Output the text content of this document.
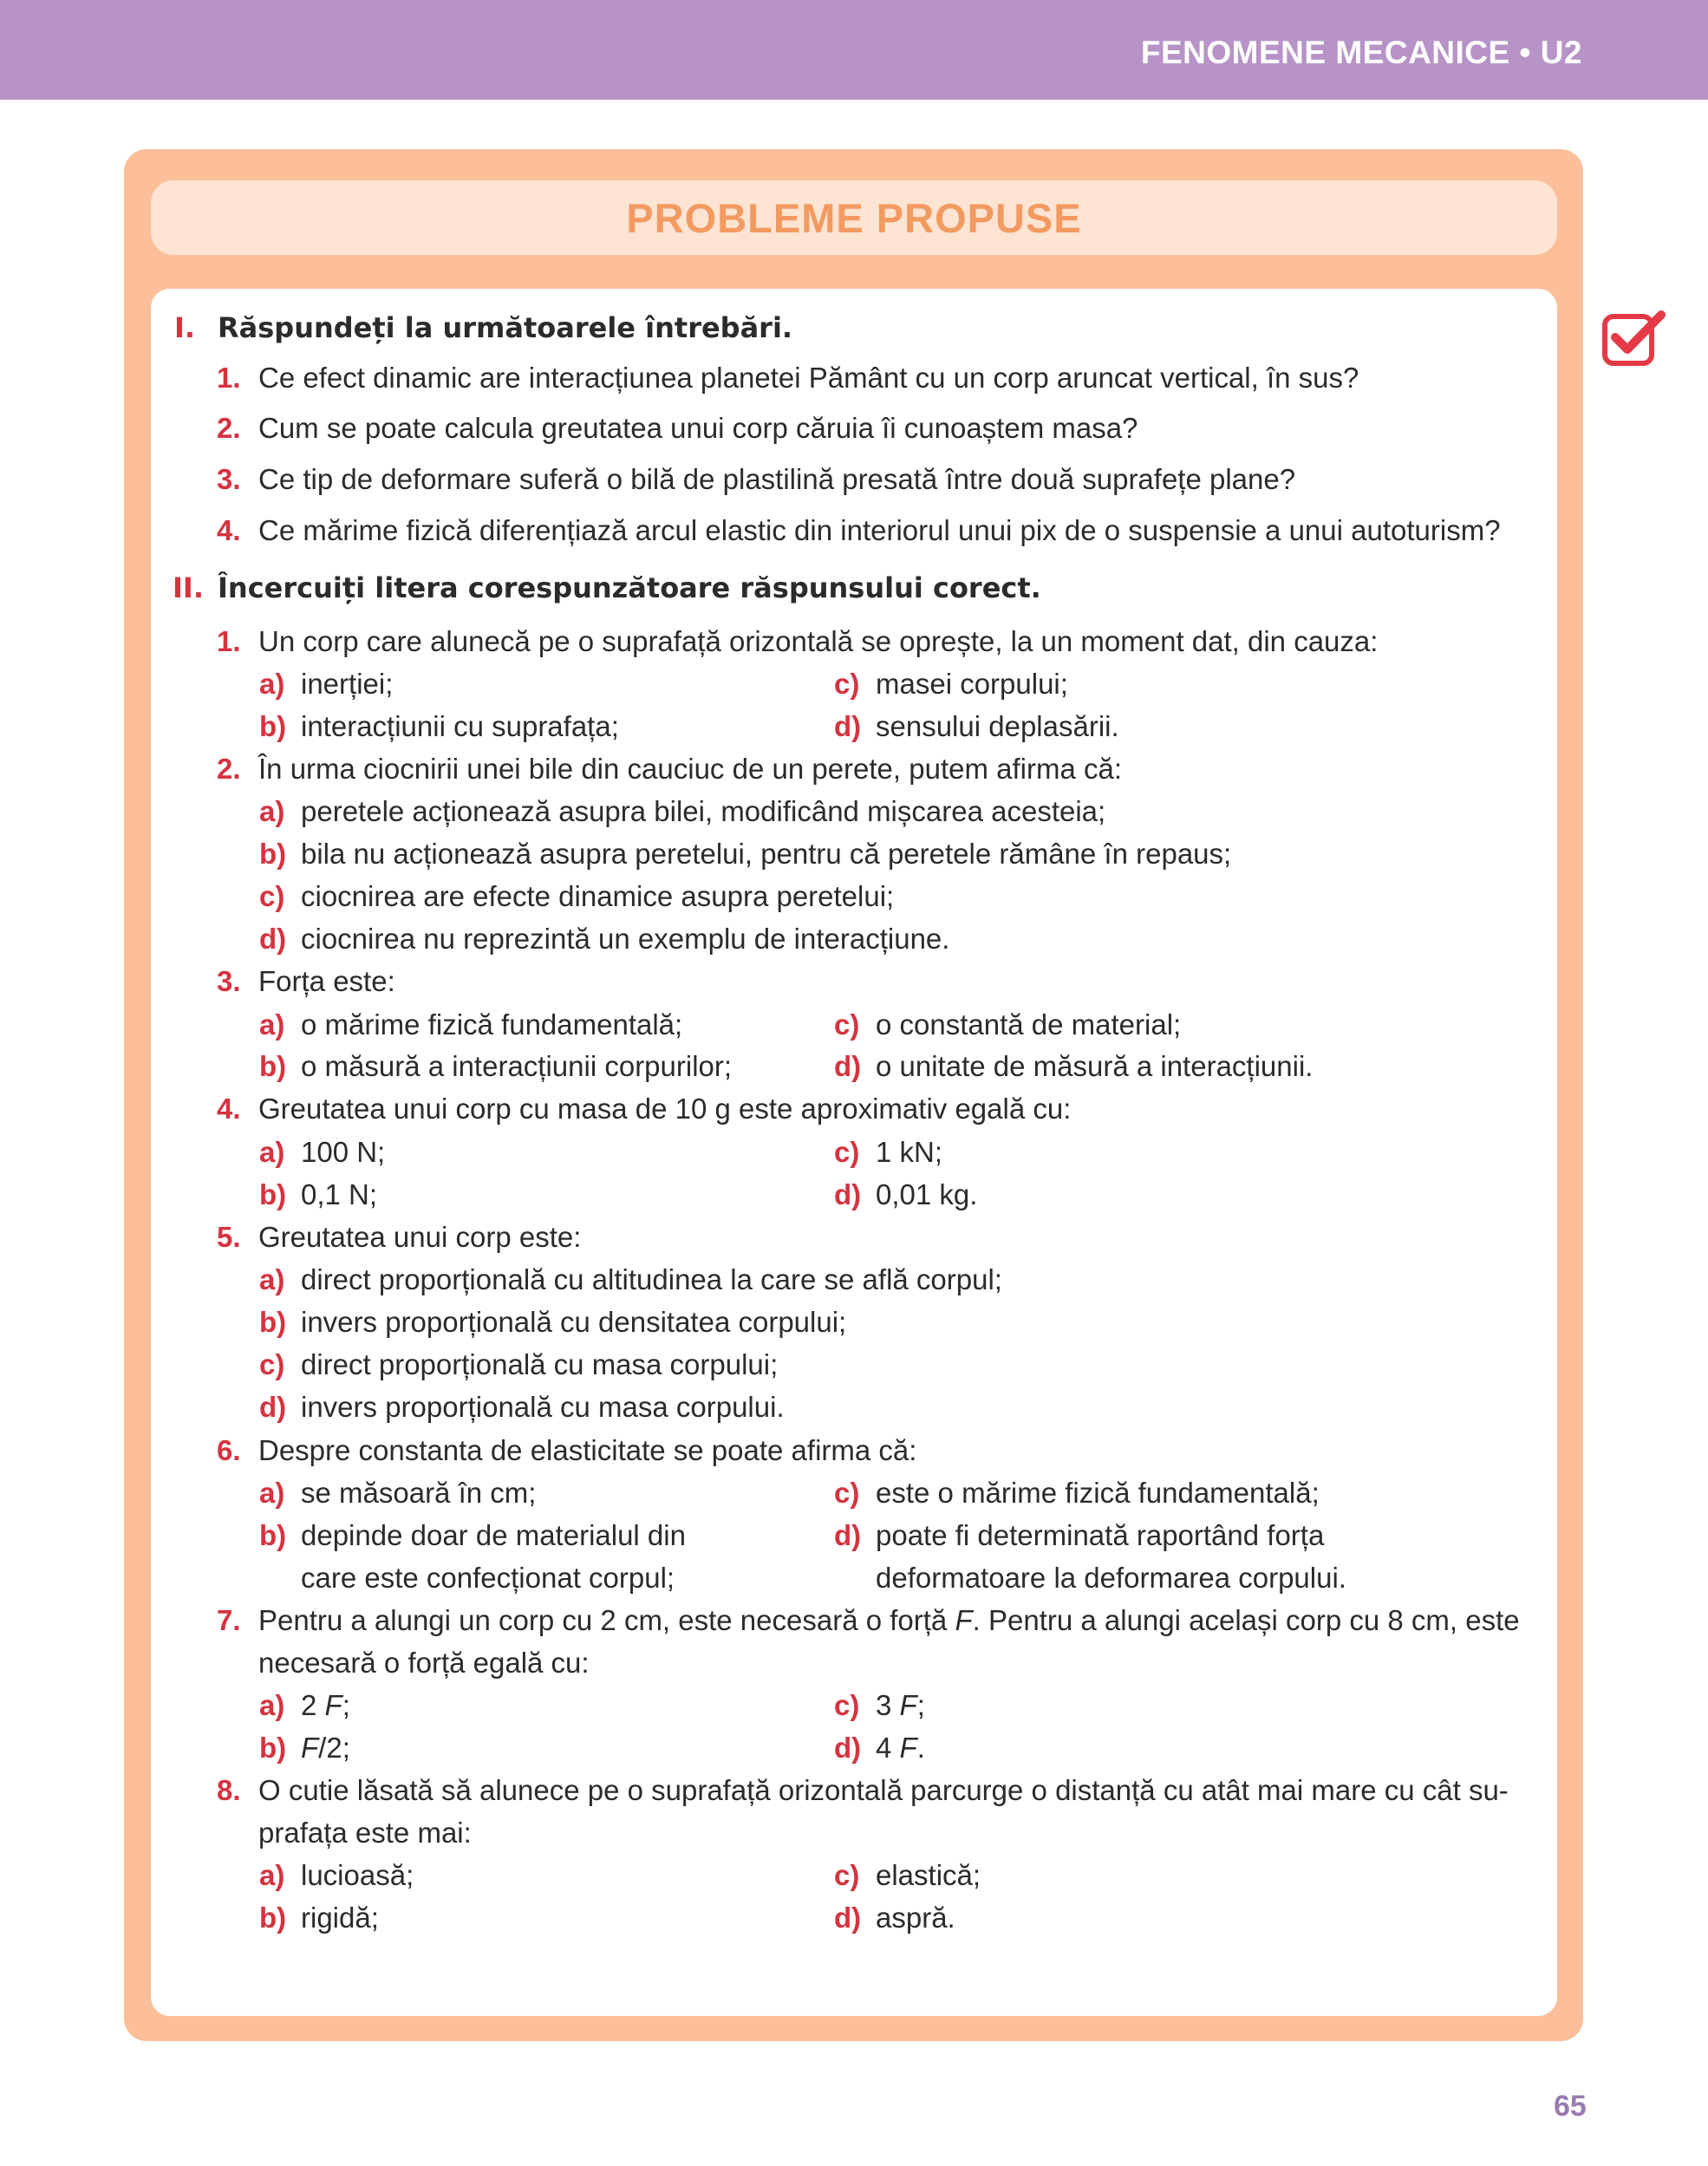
FENOMENE MECANICE • U2
PROBLEME PROPUSE
I. Răspundeți la următoarele întrebări.
1. Ce efect dinamic are interacțiunea planetei Pământ cu un corp aruncat vertical, în sus?
2. Cum se poate calcula greutatea unui corp căruia îi cunoaștem masa?
3. Ce tip de deformare suferă o bilă de plastilină presată între două suprafețe plane?
4. Ce mărime fizică diferențiază arcul elastic din interiorul unui pix de o suspensie a unui autoturism?
II. Încercuiți litera corespunzătoare răspunsului corect.
1. Un corp care alunecă pe o suprafață orizontală se oprește, la un moment dat, din cauza:
a) inerției;
b) interacțiunii cu suprafața;
c) masei corpului;
d) sensului deplasării.
2. În urma ciocnirii unei bile din cauciuc de un perete, putem afirma că:
a) peretele acționează asupra bilei, modificând mișcarea acesteia;
b) bila nu acționează asupra peretelui, pentru că peretele rămâne în repaus;
c) ciocnirea are efecte dinamice asupra peretelui;
d) ciocnirea nu reprezintă un exemplu de interacțiune.
3. Forța este:
a) o mărime fizică fundamentală;
b) o măsură a interacțiunii corpurilor;
c) o constantă de material;
d) o unitate de măsură a interacțiunii.
4. Greutatea unui corp cu masa de 10 g este aproximativ egală cu:
a) 100 N;
b) 0,1 N;
c) 1 kN;
d) 0,01 kg.
5. Greutatea unui corp este:
a) direct proporțională cu altitudinea la care se află corpul;
b) invers proporțională cu densitatea corpului;
c) direct proporțională cu masa corpului;
d) invers proporțională cu masa corpului.
6. Despre constanta de elasticitate se poate afirma că:
a) se măsoară în cm;
b) depinde doar de materialul din
care este confecționat corpul;
c) este o mărime fizică fundamentală;
d) poate fi determinată raportând forța
deformatoare la deformarea corpului.
7. Pentru a alungi un corp cu 2 cm, este necesară o forță F. Pentru a alungi același corp cu 8 cm, este
necesară o forță egală cu:
a) 2 F;
b) F/2;
c) 3 F;
d) 4 F.
8. O cutie lăsată să alunece pe o suprafață orizontală parcurge o distanță cu atât mai mare cu cât su-
prafața este mai:
a) lucioasă;
b) rigidă;
c) elastică;
d) aspră.
65
